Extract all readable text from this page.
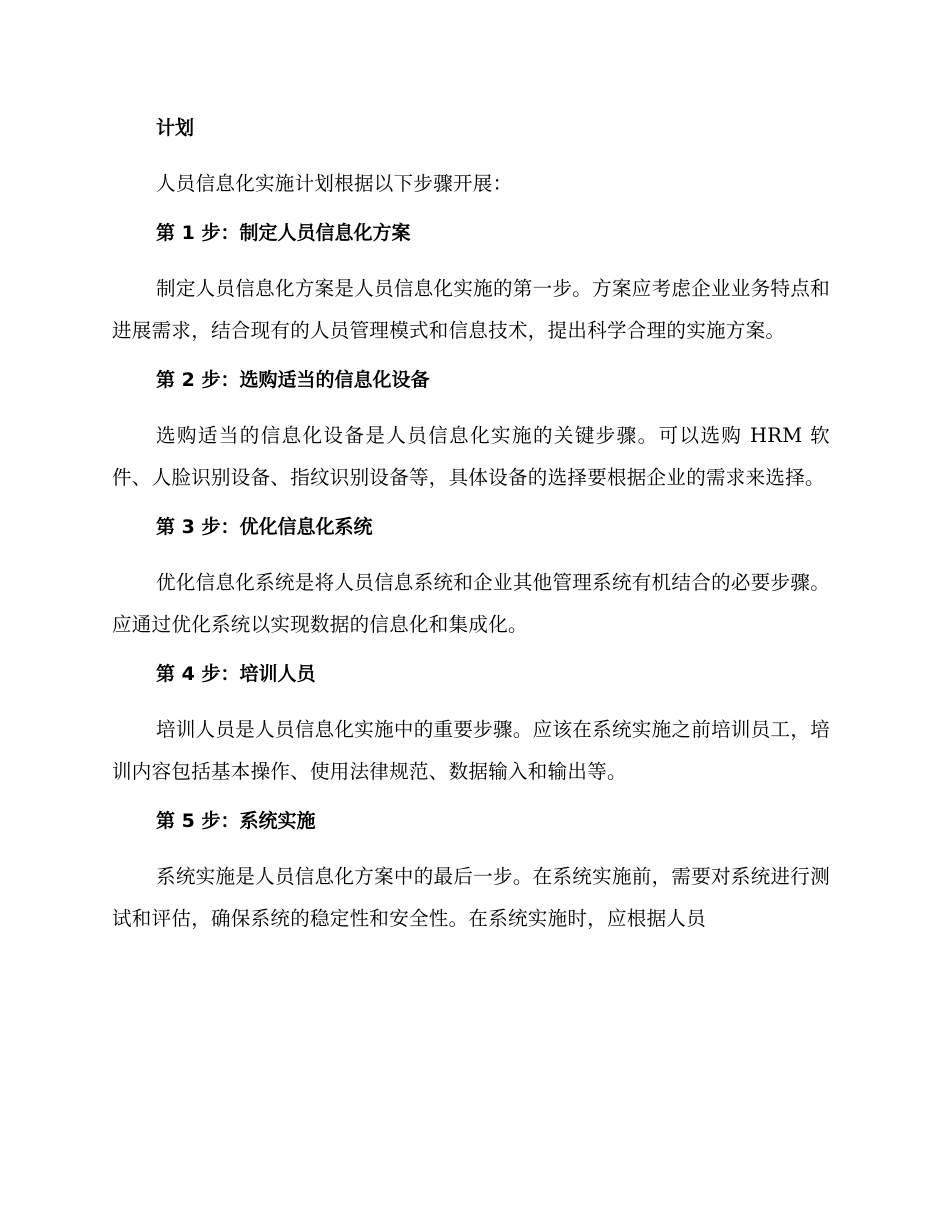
计划
人员信息化实施计划根据以下步骤开展：
第 1 步：制定人员信息化方案
制定人员信息化方案是人员信息化实施的第一步。方案应考虑企业业务特点和进展需求，结合现有的人员管理模式和信息技术，提出科学合理的实施方案。
第 2 步：选购适当的信息化设备
选购适当的信息化设备是人员信息化实施的关键步骤。可以选购 HRM 软件、人脸识别设备、指纹识别设备等，具体设备的选择要根据企业的需求来选择。
第 3 步：优化信息化系统
优化信息化系统是将人员信息系统和企业其他管理系统有机结合的必要步骤。应通过优化系统以实现数据的信息化和集成化。
第 4 步：培训人员
培训人员是人员信息化实施中的重要步骤。应该在系统实施之前培训员工，培训内容包括基本操作、使用法律规范、数据输入和输出等。
第 5 步：系统实施
系统实施是人员信息化方案中的最后一步。在系统实施前，需要对系统进行测试和评估，确保系统的稳定性和安全性。在系统实施时，应根据人员
